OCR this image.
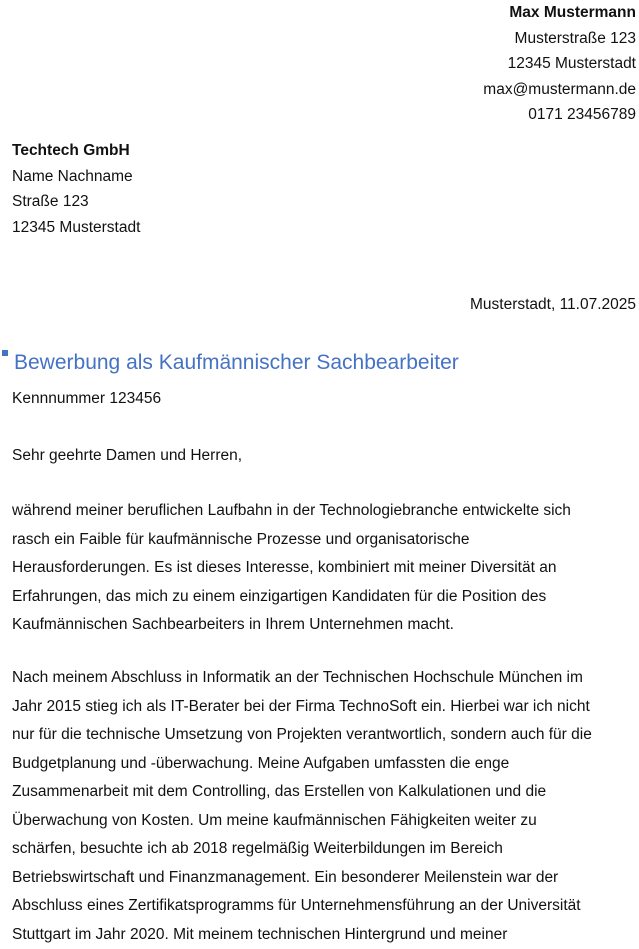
Max Mustermann
Musterstraße 123
12345 Musterstadt
max@mustermann.de
0171 23456789
Techtech GmbH
Name Nachname
Straße 123
12345 Musterstadt
Musterstadt, 11.07.2025
Bewerbung als Kaufmännischer Sachbearbeiter
Kennnummer 123456
Sehr geehrte Damen und Herren,
während meiner beruflichen Laufbahn in der Technologiebranche entwickelte sich
rasch ein Faible für kaufmännische Prozesse und organisatorische
Herausforderungen. Es ist dieses Interesse, kombiniert mit meiner Diversität an
Erfahrungen, das mich zu einem einzigartigen Kandidaten für die Position des
Kaufmännischen Sachbearbeiters in Ihrem Unternehmen macht.
Nach meinem Abschluss in Informatik an der Technischen Hochschule München im
Jahr 2015 stieg ich als IT-Berater bei der Firma TechnoSoft ein. Hierbei war ich nicht
nur für die technische Umsetzung von Projekten verantwortlich, sondern auch für die
Budgetplanung und -überwachung. Meine Aufgaben umfassten die enge
Zusammenarbeit mit dem Controlling, das Erstellen von Kalkulationen und die
Überwachung von Kosten. Um meine kaufmännischen Fähigkeiten weiter zu
schärfen, besuchte ich ab 2018 regelmäßig Weiterbildungen im Bereich
Betriebswirtschaft und Finanzmanagement. Ein besonderer Meilenstein war der
Abschluss eines Zertifikatsprogramms für Unternehmensführung an der Universität
Stuttgart im Jahr 2020. Mit meinem technischen Hintergrund und meiner
